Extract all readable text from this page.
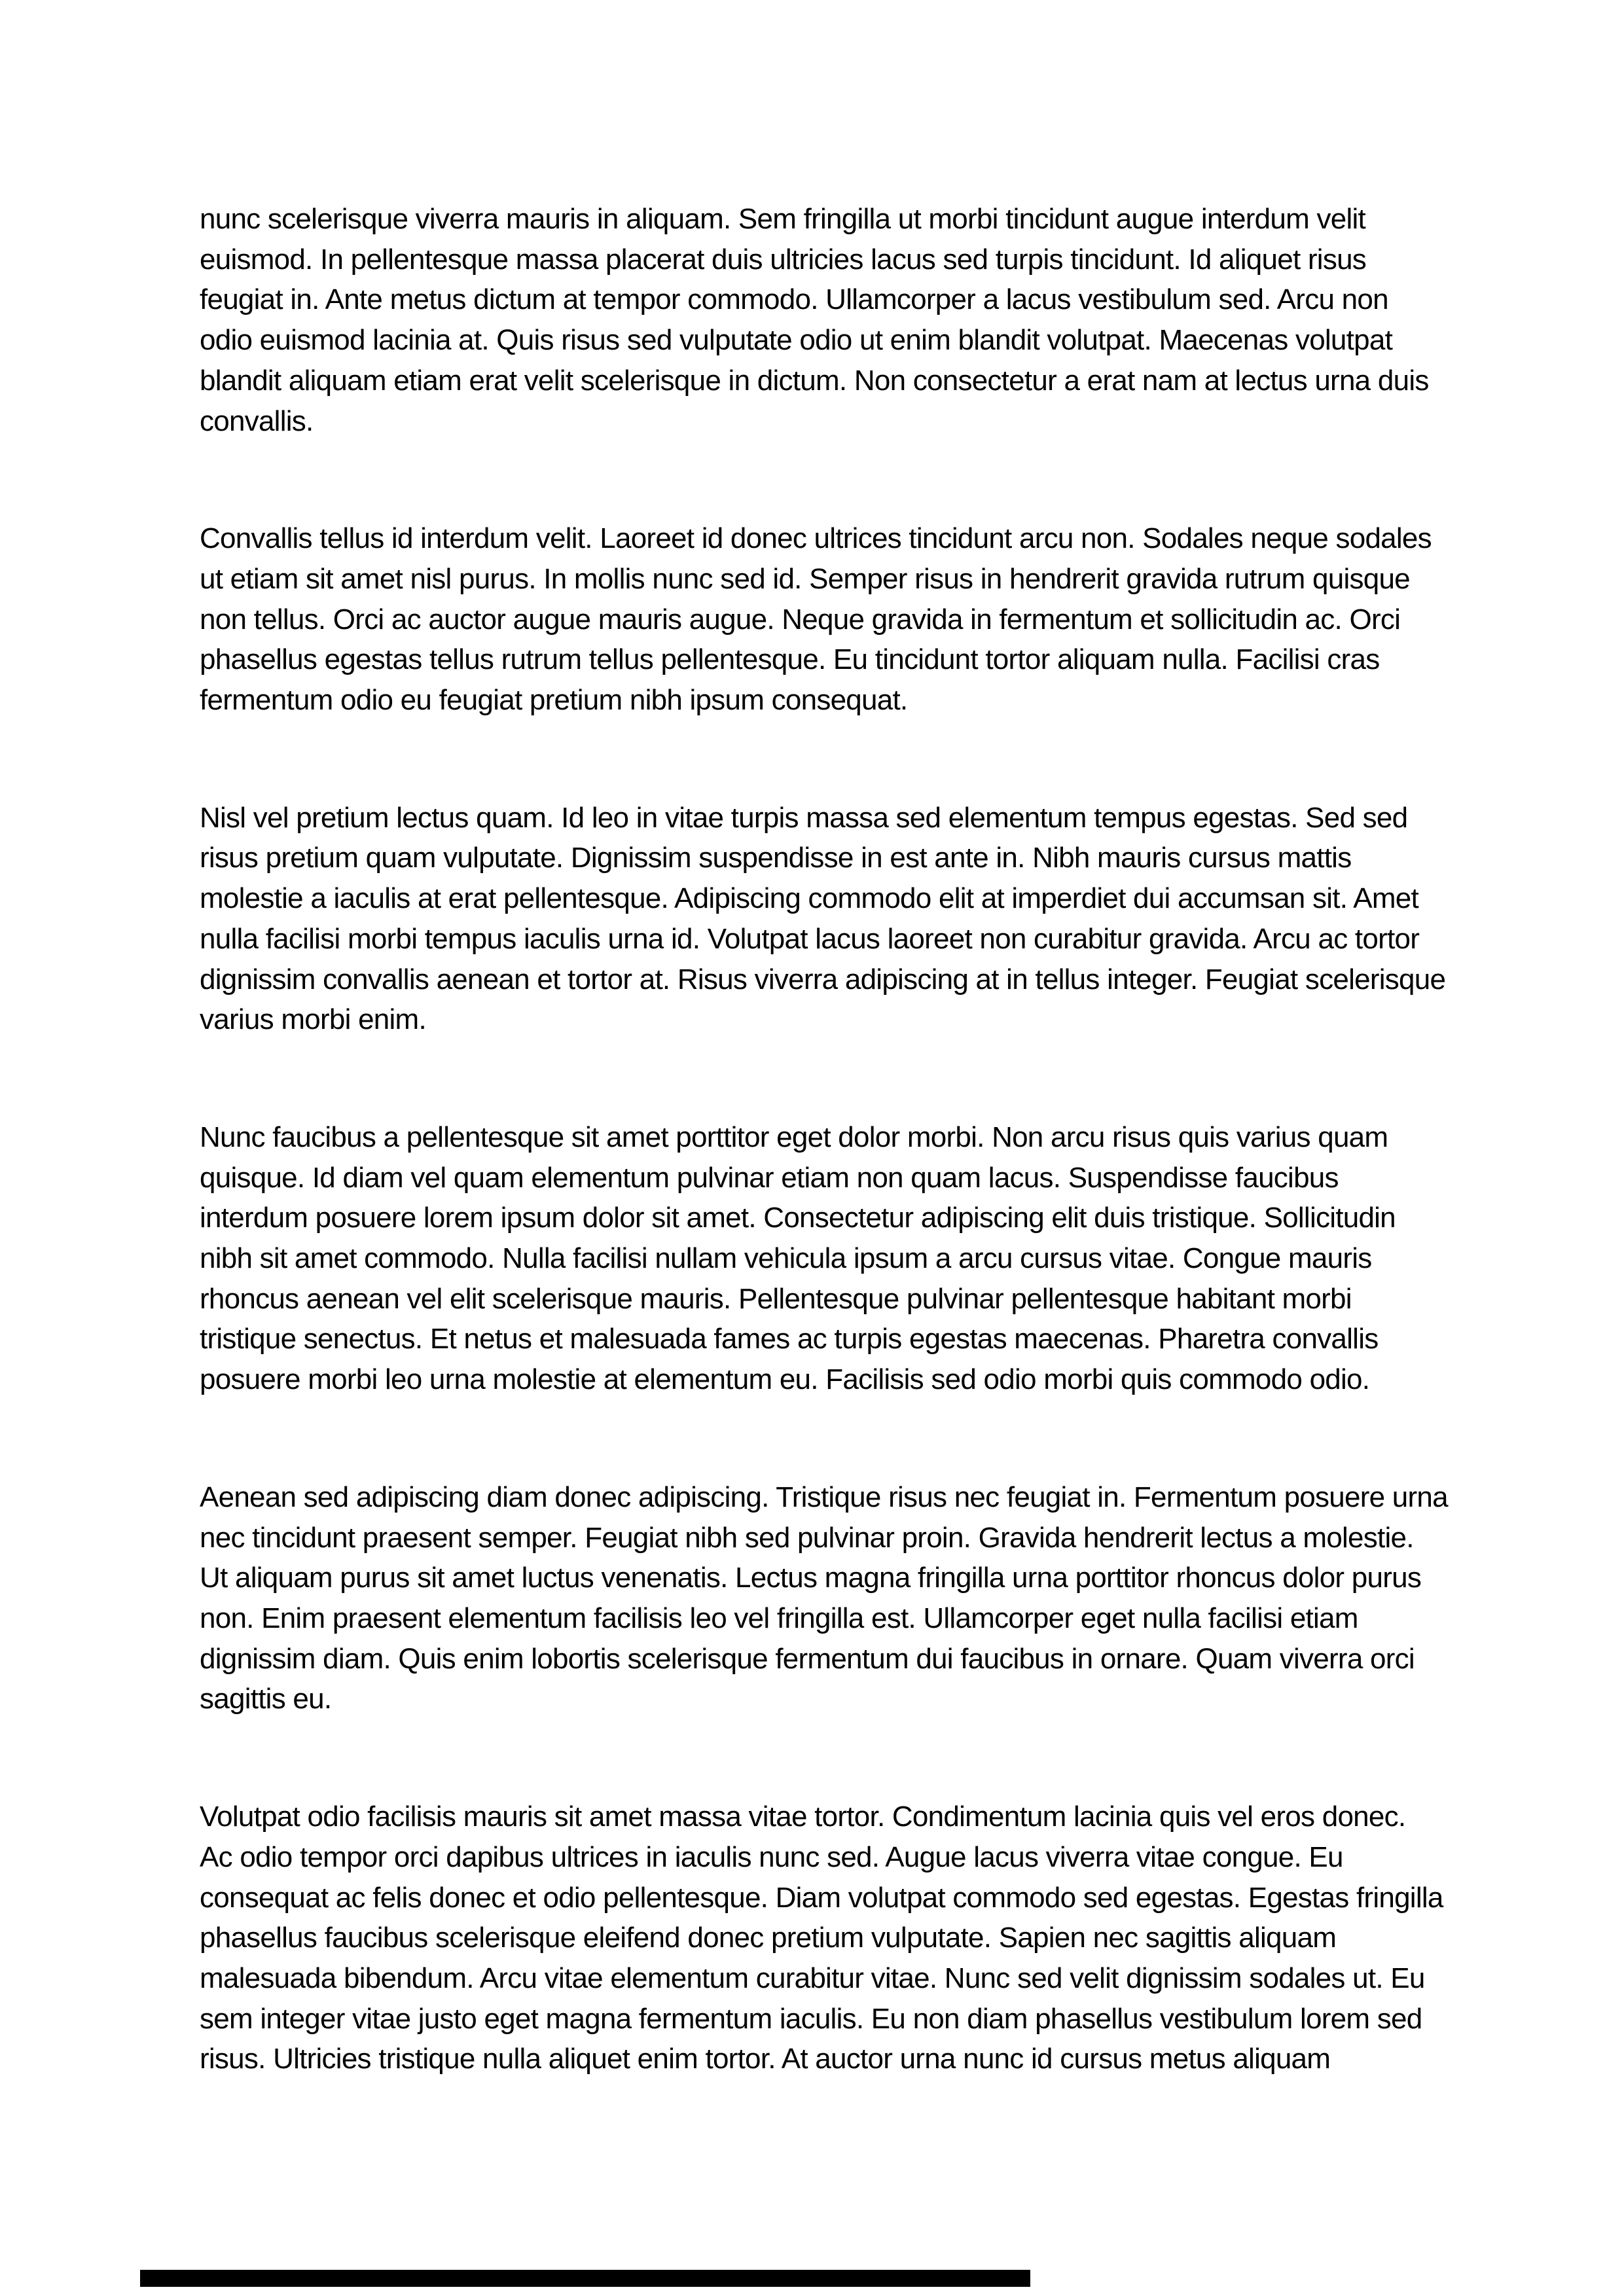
nunc scelerisque viverra mauris in aliquam. Sem fringilla ut morbi tincidunt augue interdum velit
euismod. In pellentesque massa placerat duis ultricies lacus sed turpis tincidunt. Id aliquet risus
feugiat in. Ante metus dictum at tempor commodo. Ullamcorper a lacus vestibulum sed. Arcu non
odio euismod lacinia at. Quis risus sed vulputate odio ut enim blandit volutpat. Maecenas volutpat
blandit aliquam etiam erat velit scelerisque in dictum. Non consectetur a erat nam at lectus urna duis
convallis.
Convallis tellus id interdum velit. Laoreet id donec ultrices tincidunt arcu non. Sodales neque sodales
ut etiam sit amet nisl purus. In mollis nunc sed id. Semper risus in hendrerit gravida rutrum quisque
non tellus. Orci ac auctor augue mauris augue. Neque gravida in fermentum et sollicitudin ac. Orci
phasellus egestas tellus rutrum tellus pellentesque. Eu tincidunt tortor aliquam nulla. Facilisi cras
fermentum odio eu feugiat pretium nibh ipsum consequat.
Nisl vel pretium lectus quam. Id leo in vitae turpis massa sed elementum tempus egestas. Sed sed
risus pretium quam vulputate. Dignissim suspendisse in est ante in. Nibh mauris cursus mattis
molestie a iaculis at erat pellentesque. Adipiscing commodo elit at imperdiet dui accumsan sit. Amet
nulla facilisi morbi tempus iaculis urna id. Volutpat lacus laoreet non curabitur gravida. Arcu ac tortor
dignissim convallis aenean et tortor at. Risus viverra adipiscing at in tellus integer. Feugiat scelerisque
varius morbi enim.
Nunc faucibus a pellentesque sit amet porttitor eget dolor morbi. Non arcu risus quis varius quam
quisque. Id diam vel quam elementum pulvinar etiam non quam lacus. Suspendisse faucibus
interdum posuere lorem ipsum dolor sit amet. Consectetur adipiscing elit duis tristique. Sollicitudin
nibh sit amet commodo. Nulla facilisi nullam vehicula ipsum a arcu cursus vitae. Congue mauris
rhoncus aenean vel elit scelerisque mauris. Pellentesque pulvinar pellentesque habitant morbi
tristique senectus. Et netus et malesuada fames ac turpis egestas maecenas. Pharetra convallis
posuere morbi leo urna molestie at elementum eu. Facilisis sed odio morbi quis commodo odio.
Aenean sed adipiscing diam donec adipiscing. Tristique risus nec feugiat in. Fermentum posuere urna
nec tincidunt praesent semper. Feugiat nibh sed pulvinar proin. Gravida hendrerit lectus a molestie.
Ut aliquam purus sit amet luctus venenatis. Lectus magna fringilla urna porttitor rhoncus dolor purus
non. Enim praesent elementum facilisis leo vel fringilla est. Ullamcorper eget nulla facilisi etiam
dignissim diam. Quis enim lobortis scelerisque fermentum dui faucibus in ornare. Quam viverra orci
sagittis eu.
Volutpat odio facilisis mauris sit amet massa vitae tortor. Condimentum lacinia quis vel eros donec.
Ac odio tempor orci dapibus ultrices in iaculis nunc sed. Augue lacus viverra vitae congue. Eu
consequat ac felis donec et odio pellentesque. Diam volutpat commodo sed egestas. Egestas fringilla
phasellus faucibus scelerisque eleifend donec pretium vulputate. Sapien nec sagittis aliquam
malesuada bibendum. Arcu vitae elementum curabitur vitae. Nunc sed velit dignissim sodales ut. Eu
sem integer vitae justo eget magna fermentum iaculis. Eu non diam phasellus vestibulum lorem sed
risus. Ultricies tristique nulla aliquet enim tortor. At auctor urna nunc id cursus metus aliquam
